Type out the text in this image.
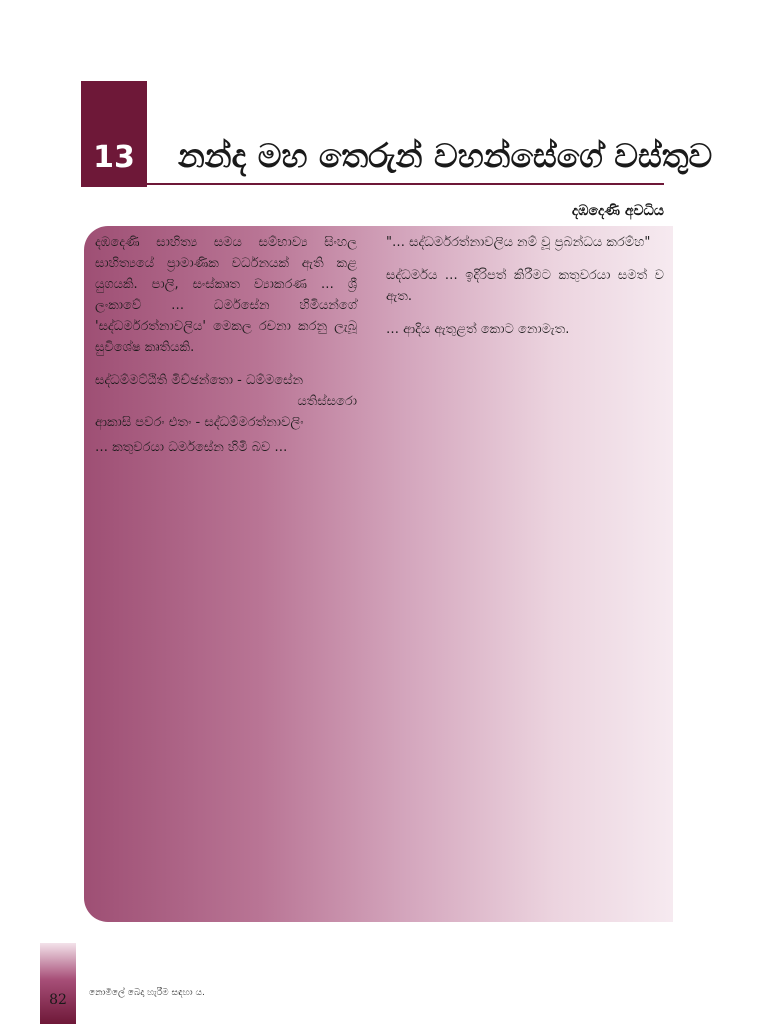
13	නන්ද මහ තෙරුන් වහන්සේගේ වස්තුව
දඹදෙණි අවධිය

දඹදෙණි සාහිත්‍ය සමය සම්භාව්‍ය සිංහල සාහිත්‍යයේ ප්‍රාමාණික වර්ධනයක් ඇති කළ යුගයකි. පාලි, සංස්කෘත ව්‍යාකරණ … ශ්‍රී ලංකාවේ … ධර්මසේන හිමියන්ගේ 'සද්ධර්මරත්නාවලිය' මෙකල රචනා කරනු ලැබූ සුවිශේෂ කෘතියකි.

සද්ධම්මට්ඨිති මිච්ඡන්තො - ධම්මසේන
යතිස්සරො
ආකාසි පවරං එතං - සද්ධම්මරත්නාවලිං

… කතුවරයා ධර්මසේන හිමි බව …

"… සද්ධර්මරත්නාවලිය නම් වූ ප්‍රබන්ධය කරම්හ"

සද්ධර්මය … ඉදිරිපත් කිරීමට කතුවරයා සමත් ව ඇත.

… ආදිය ඇතුළත් කොට නොමැත.

82	නොමිලේ බෙදා හැරීම සඳහා ය.
